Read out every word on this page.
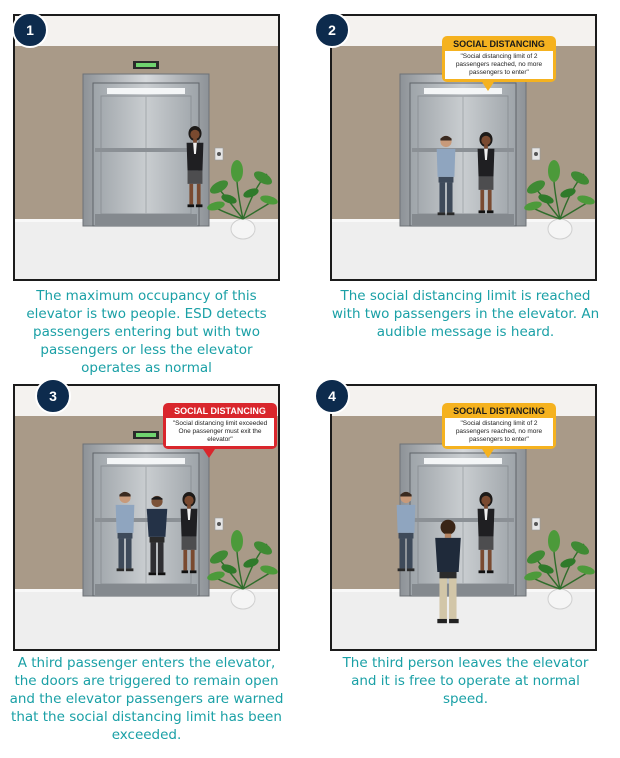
1
The maximum occupancy of this elevator is two people. ESD detects passengers entering but with two passengers or less the elevator operates as normal
2
SOCIAL DISTANCING
"Social distancing limit of 2 passengers reached, no more passengers to enter"
The social distancing limit is reached with two passengers in the elevator. An audible message is heard.
3
SOCIAL DISTANCING
"Social distancing limit exceeded One passenger must exit the elevator"
A third passenger enters the elevator, the doors are triggered to remain open and the elevator passengers are warned that the social distancing limit has been exceeded.
4
SOCIAL DISTANCING
"Social distancing limit of 2 passengers reached, no more passengers to enter"
The third person leaves the elevator and it is free to operate at normal speed.
